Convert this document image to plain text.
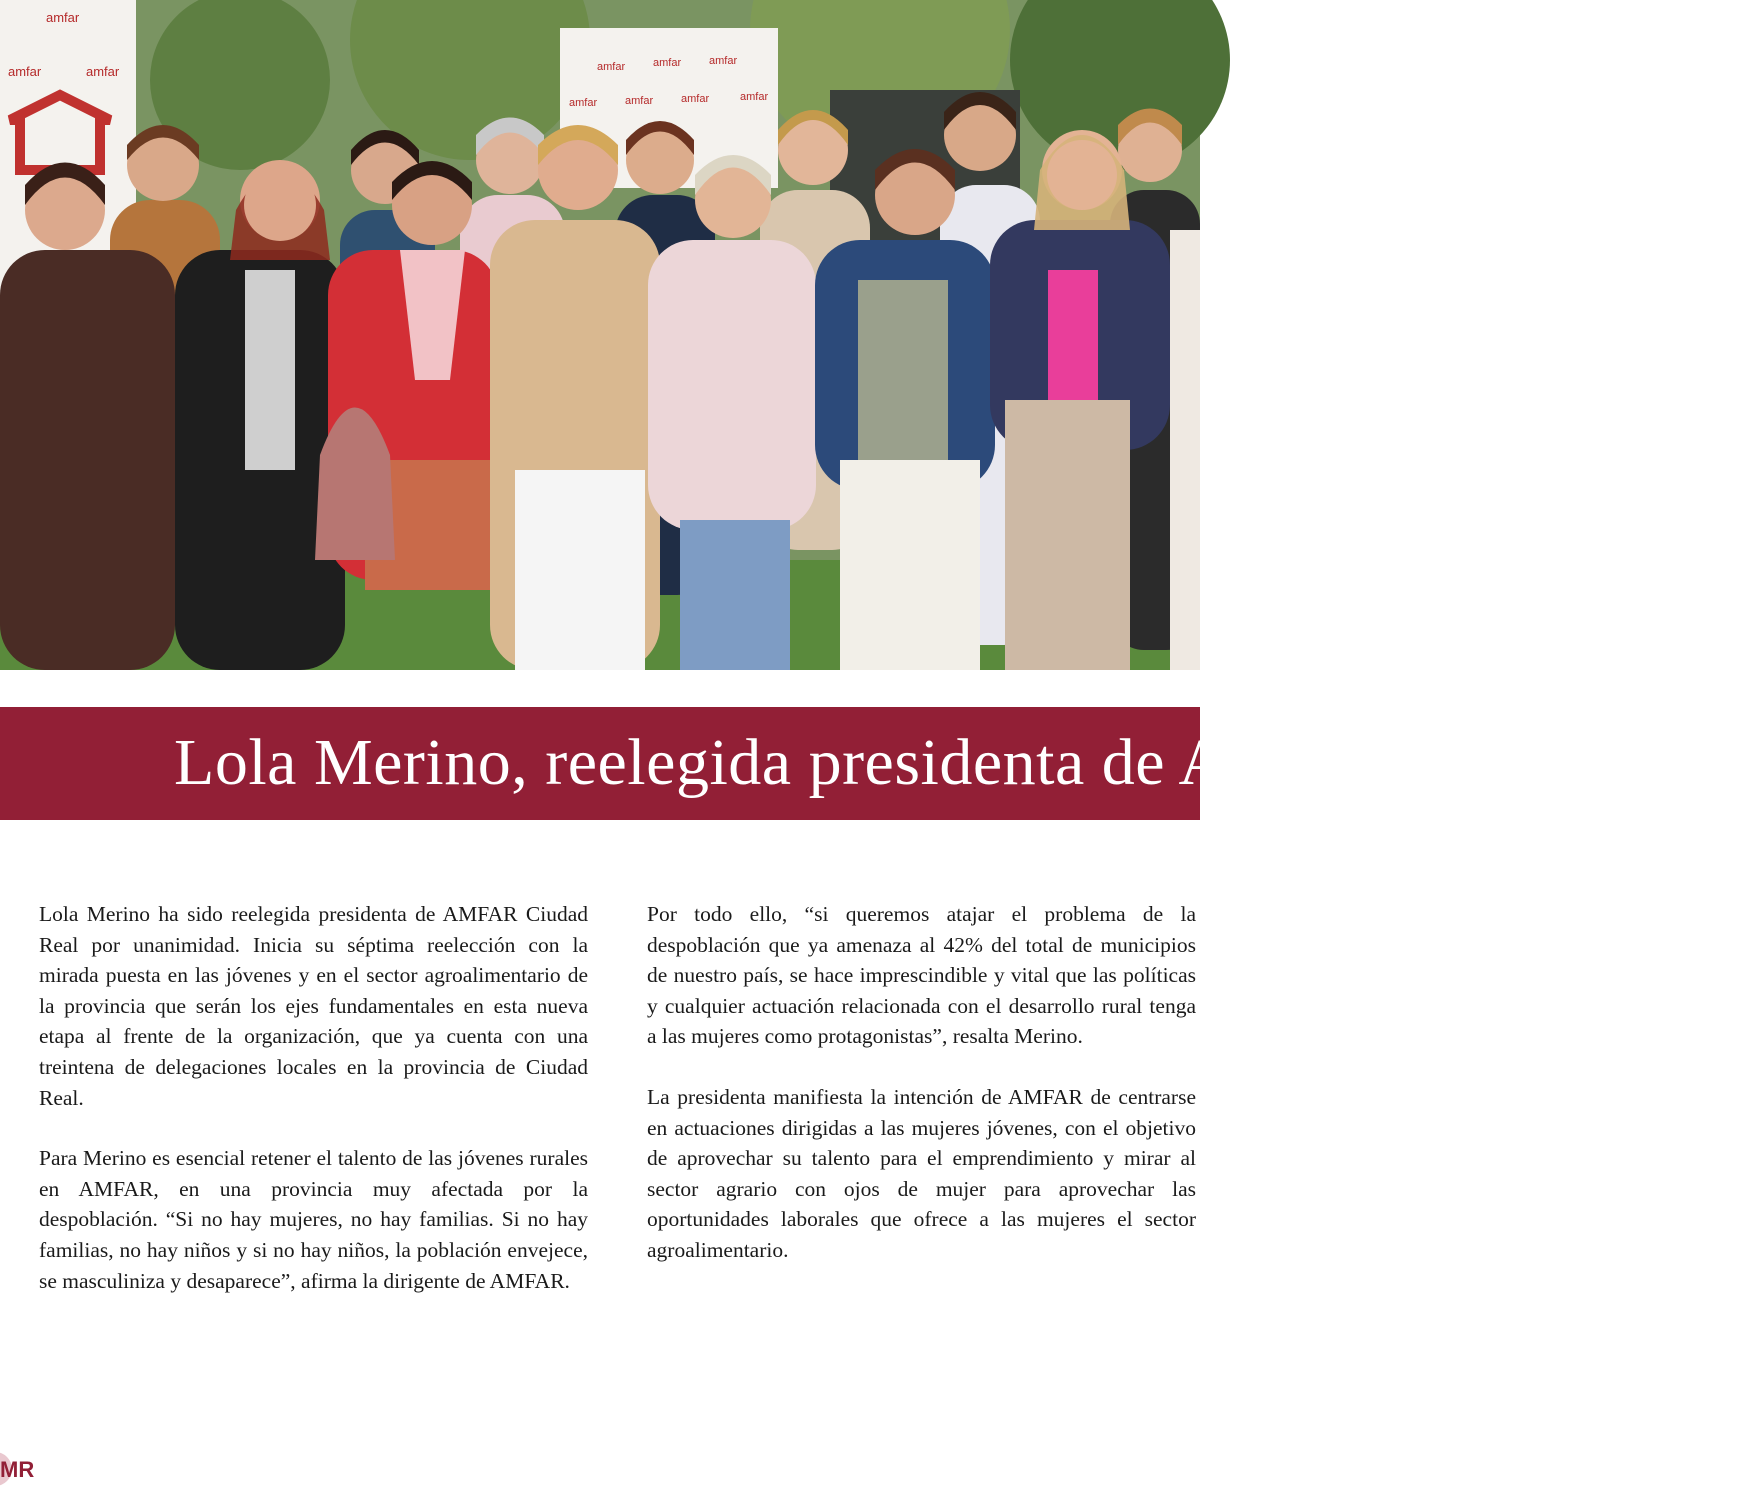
amfar
amfar	amfar	amfar	amfar	amfar
amfar	amfar	amfar	amfar
Lola Merino, reelegida presidenta de AMFAR Ciudad Real

Lola Merino ha sido reelegida presidenta de AMFAR Ciudad Real por unanimidad. Inicia su séptima reelección con la mirada puesta en las jóvenes y en el sector agroalimentario de la provincia que serán los ejes fundamentales en esta nueva etapa al frente de la organización, que ya cuenta con una treintena de delegaciones locales en la provincia de Ciudad Real.

Para Merino es esencial retener el talento de las jóvenes rurales en AMFAR, en una provincia muy afectada por la despoblación. “Si no hay mujeres, no hay familias. Si no hay familias, no hay niños y si no hay niños, la población envejece, se masculiniza y desaparece”, afirma la dirigente de AMFAR.

Por todo ello, “si queremos atajar el problema de la despoblación que ya amenaza al 42% del total de municipios de nuestro país, se hace imprescindible y vital que las políticas y cualquier actuación relacionada con el desarrollo rural tenga a las mujeres como protagonistas”, resalta Merino.

La presidenta manifiesta la intención de AMFAR de centrarse en actuaciones dirigidas a las mujeres jóvenes, con el objetivo de aprovechar su talento para el emprendimiento y mirar al sector agrario con ojos de mujer para aprovechar las oportunidades laborales que ofrece a las mujeres el sector agroalimentario.

MR
